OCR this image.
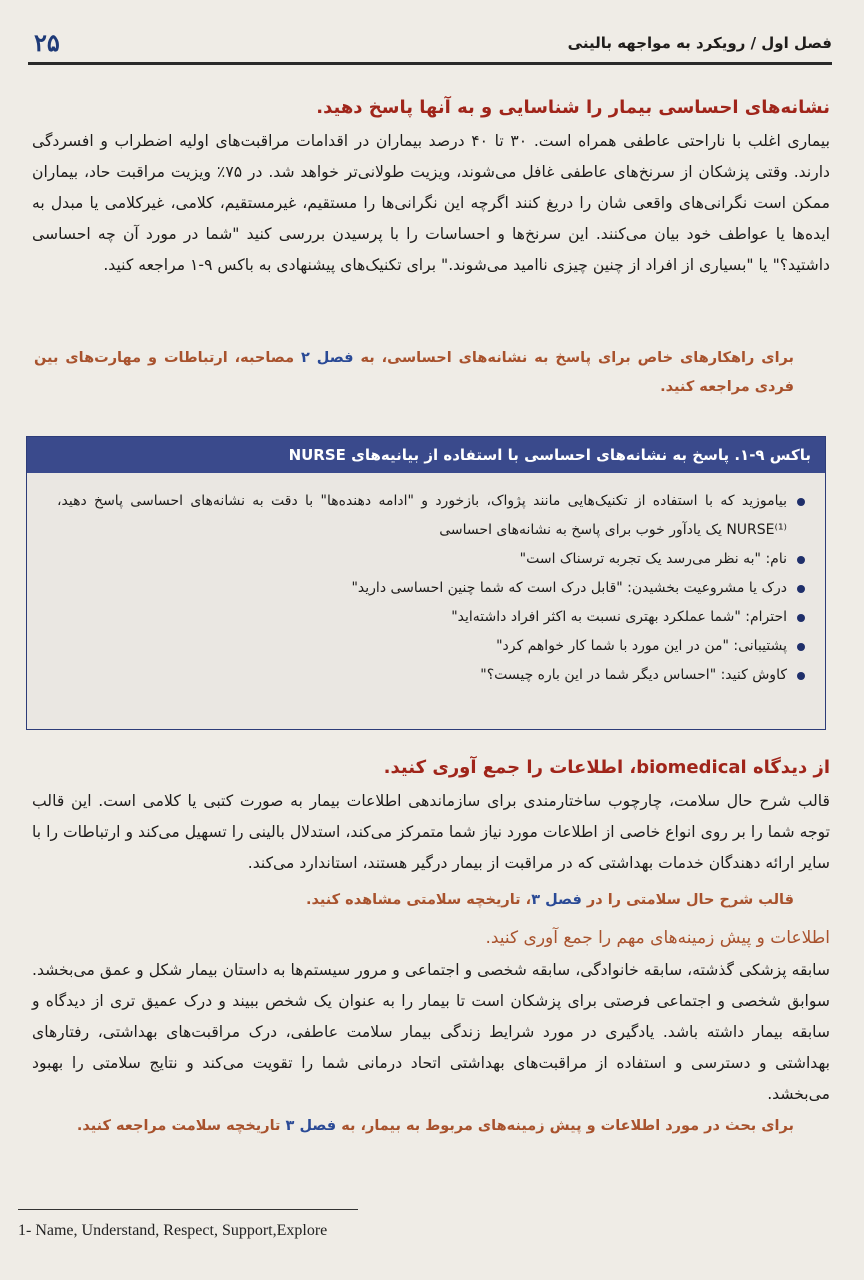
۲۵	فصل اول / رویکرد به مواجهه بالینی
نشانه‌های احساسی بیمار را شناسایی و به آنها پاسخ دهید.
بیماری اغلب با ناراحتی عاطفی همراه است. ۳۰ تا ۴۰ درصد بیماران در اقدامات مراقبت‌های اولیه اضطراب و افسردگی دارند. وقتی پزشکان از سرنخ‌های عاطفی غافل می‌شوند، ویزیت طولانی‌تر خواهد شد. در ۷۵٪ ویزیت مراقبت حاد، بیماران ممکن است نگرانی‌های واقعی شان را دریغ کنند اگرچه این نگرانی‌ها را مستقیم، غیرمستقیم، کلامی، غیرکلامی یا مبدل به ایده‌ها یا عواطف خود بیان می‌کنند. این سرنخ‌ها و احساسات را با پرسیدن بررسی کنید "شما در مورد آن چه احساسی داشتید؟" یا "بسیاری از افراد از چنین چیزی ناامید می‌شوند." برای تکنیک‌های پیشنهادی به باکس ۹-۱ مراجعه کنید.
برای راهکارهای خاص برای پاسخ به نشانه‌های احساسی، به فصل ۲ مصاحبه، ارتباطات و مهارت‌های بین فردی مراجعه کنید.
باکس ۹-۱. پاسخ به نشانه‌های احساسی با استفاده از بیانیه‌های NURSE
بیاموزید که با استفاده از تکنیک‌هایی مانند پژواک، بازخورد و "ادامه دهنده‌ها" با دقت به نشانه‌های احساسی پاسخ دهید، NURSE⁽¹⁾ یک یادآور خوب برای پاسخ به نشانه‌های احساسی
نام: "به نظر می‌رسد یک تجربه ترسناک است"
درک یا مشروعیت بخشیدن: "قابل درک است که شما چنین احساسی دارید"
احترام: "شما عملکرد بهتری نسبت به اکثر افراد داشته‌اید"
پشتیبانی: "من در این مورد با شما کار خواهم کرد"
کاوش کنید: "احساس دیگر شما در این باره چیست؟"
از دیدگاه biomedical، اطلاعات را جمع آوری کنید.
قالب شرح حال سلامت، چارچوب ساختارمندی برای سازماندهی اطلاعات بیمار به صورت کتبی یا کلامی است. این قالب توجه شما را بر روی انواع خاصی از اطلاعات مورد نیاز شما متمرکز می‌کند، استدلال بالینی را تسهیل می‌کند و ارتباطات را با سایر ارائه دهندگان خدمات بهداشتی که در مراقبت از بیمار درگیر هستند، استاندارد می‌کند.
قالب شرح حال سلامتی را در فصل ۳، تاریخچه سلامتی مشاهده کنید.
اطلاعات و پیش زمینه‌های مهم را جمع آوری کنید.
سابقه پزشکی گذشته، سابقه خانوادگی، سابقه شخصی و اجتماعی و مرور سیستم‌ها به داستان بیمار شکل و عمق می‌بخشد. سوابق شخصی و اجتماعی فرصتی برای پزشکان است تا بیمار را به عنوان یک شخص ببیند و درک عمیق تری از دیدگاه و سابقه بیمار داشته باشد. یادگیری در مورد شرایط زندگی بیمار سلامت عاطفی، درک مراقبت‌های بهداشتی، رفتارهای بهداشتی و دسترسی و استفاده از مراقبت‌های بهداشتی اتحاد درمانی شما را تقویت می‌کند و نتایج سلامتی را بهبود می‌بخشد.
برای بحث در مورد اطلاعات و پیش زمینه‌های مربوط به بیمار، به فصل ۳ تاریخچه سلامت مراجعه کنید.
1- Name, Understand, Respect, Support,Explore
